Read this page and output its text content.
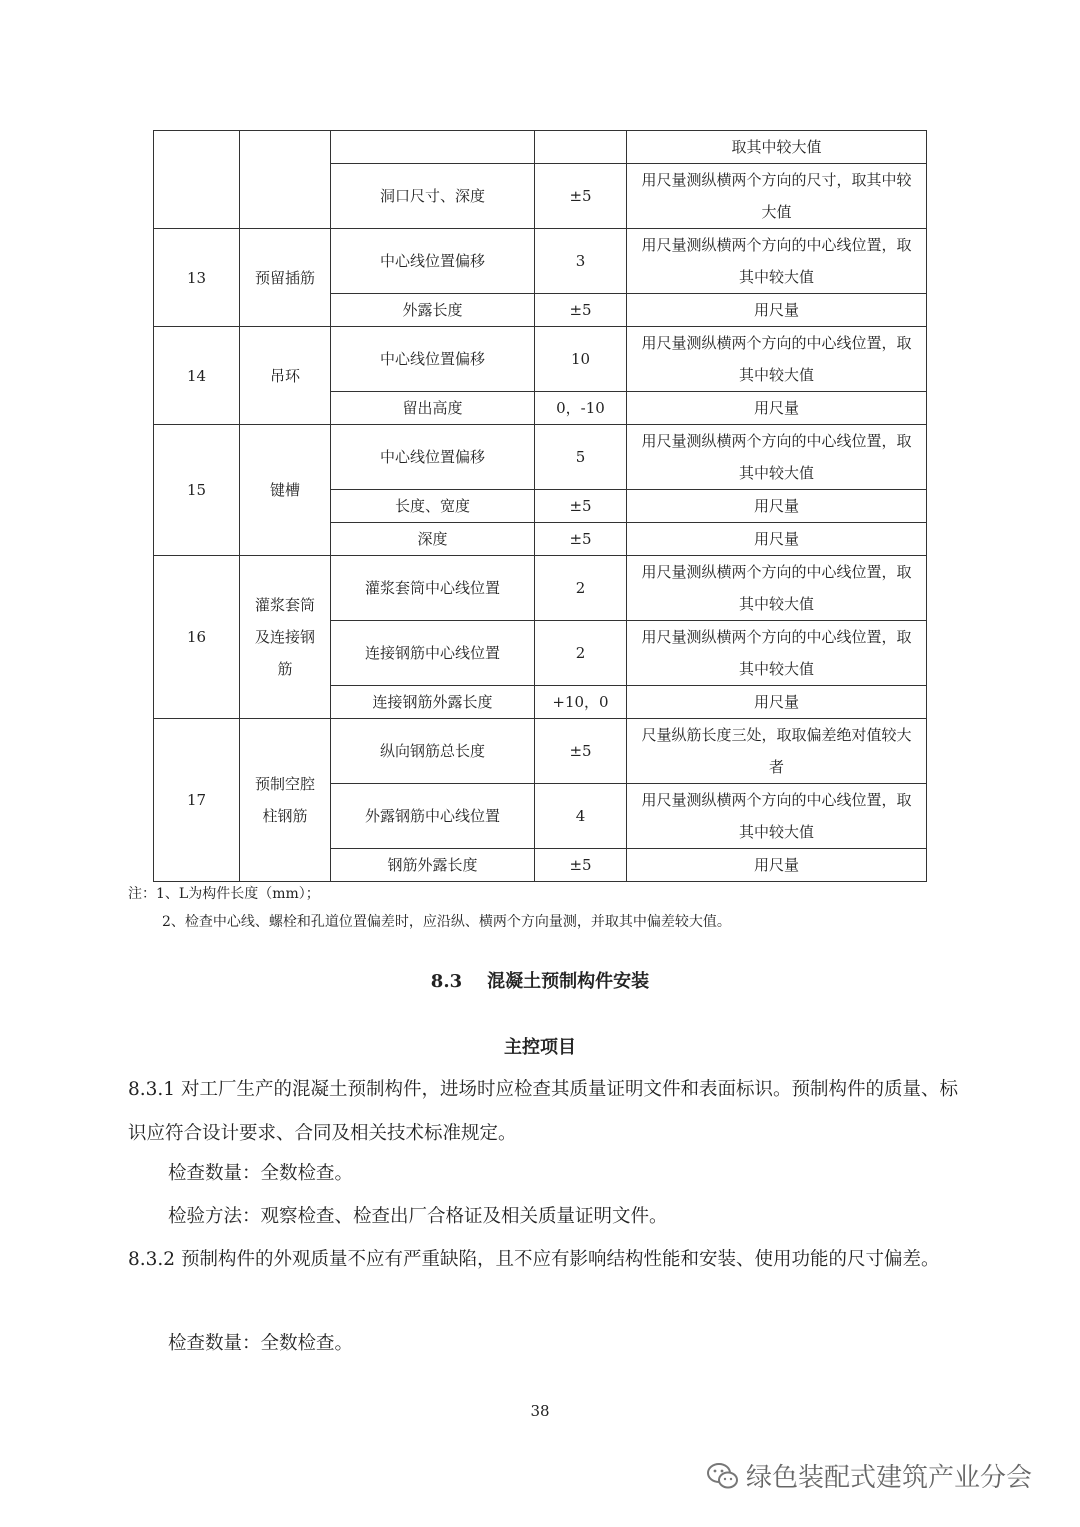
				取其中较大值
		洞口尺寸、深度	±5	用尺量测纵横两个方向的尺寸，取其中较大值
13	预留插筋	中心线位置偏移	3	用尺量测纵横两个方向的中心线位置，取其中较大值
		外露长度	±5	用尺量
14	吊环	中心线位置偏移	10	用尺量测纵横两个方向的中心线位置，取其中较大值
		留出高度	0，-10	用尺量
15	键槽	中心线位置偏移	5	用尺量测纵横两个方向的中心线位置，取其中较大值
		长度、宽度	±5	用尺量
		深度	±5	用尺量
16	灌浆套筒及连接钢筋	灌浆套筒中心线位置	2	用尺量测纵横两个方向的中心线位置，取其中较大值
		连接钢筋中心线位置	2	用尺量测纵横两个方向的中心线位置，取其中较大值
		连接钢筋外露长度	+10，0	用尺量
17	预制空腔柱钢筋	纵向钢筋总长度	±5	尺量纵筋长度三处，取取偏差绝对值较大者
		外露钢筋中心线位置	4	用尺量测纵横两个方向的中心线位置，取其中较大值
		钢筋外露长度	±5	用尺量
注：1、L为构件长度（mm）；
2、检查中心线、螺栓和孔道位置偏差时，应沿纵、横两个方向量测，并取其中偏差较大值。
8.3    混凝土预制构件安装
主控项目
8.3.1 对工厂生产的混凝土预制构件，进场时应检查其质量证明文件和表面标识。预制构件的质量、标识应符合设计要求、合同及相关技术标准规定。
检查数量：全数检查。
检验方法：观察检查、检查出厂合格证及相关质量证明文件。
8.3.2 预制构件的外观质量不应有严重缺陷，且不应有影响结构性能和安装、使用功能的尺寸偏差。
检查数量：全数检查。
38
绿色装配式建筑产业分会
